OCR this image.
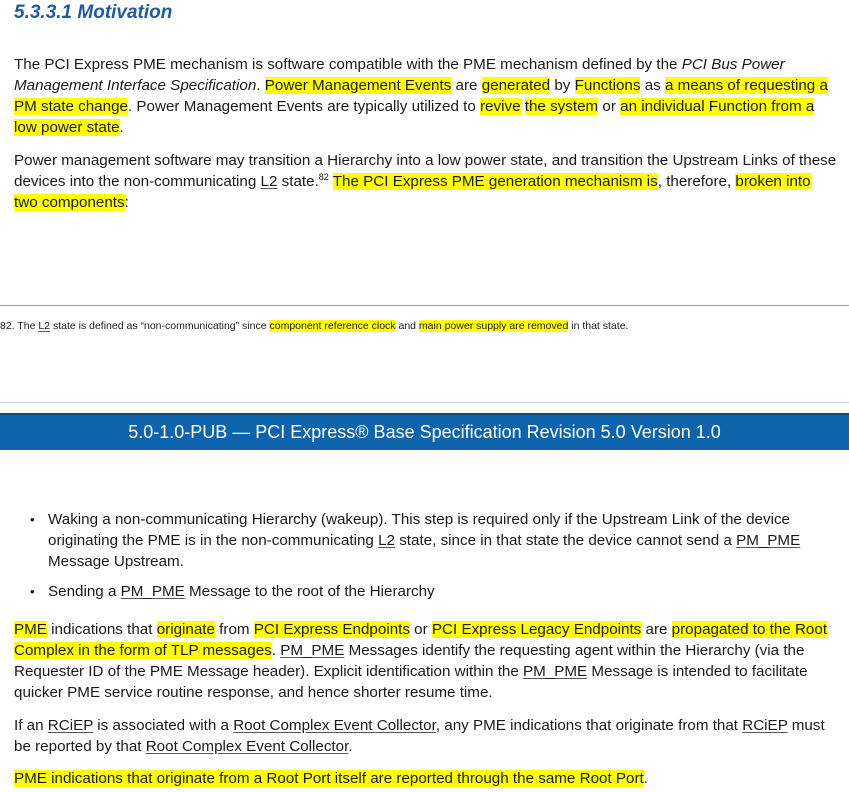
5.3.3.1 Motivation

The PCI Express PME mechanism is software compatible with the PME mechanism defined by the PCI Bus Power Management Interface Specification. Power Management Events are generated by Functions as a means of requesting a PM state change. Power Management Events are typically utilized to revive the system or an individual Function from a low power state.

Power management software may transition a Hierarchy into a low power state, and transition the Upstream Links of these devices into the non-communicating L2 state.$^{82}$ The PCI Express PME generation mechanism is, therefore, broken into two components:

82. The L2 state is defined as “non-communicating” since component reference clock and main power supply are removed in that state.
5.0-1.0-PUB — PCI Express® Base Specification Revision 5.0 Version 1.0
• Waking a non-communicating Hierarchy (wakeup). This step is required only if the Upstream Link of the device originating the PME is in the non-communicating L2 state, since in that state the device cannot send a PM_PME Message Upstream.
• Sending a PM_PME Message to the root of the Hierarchy

PME indications that originate from PCI Express Endpoints or PCI Express Legacy Endpoints are propagated to the Root Complex in the form of TLP messages. PM_PME Messages identify the requesting agent within the Hierarchy (via the Requester ID of the PME Message header). Explicit identification within the PM_PME Message is intended to facilitate quicker PME service routine response, and hence shorter resume time.

If an RCiEP is associated with a Root Complex Event Collector, any PME indications that originate from that RCiEP must be reported by that Root Complex Event Collector.

PME indications that originate from a Root Port itself are reported through the same Root Port.
